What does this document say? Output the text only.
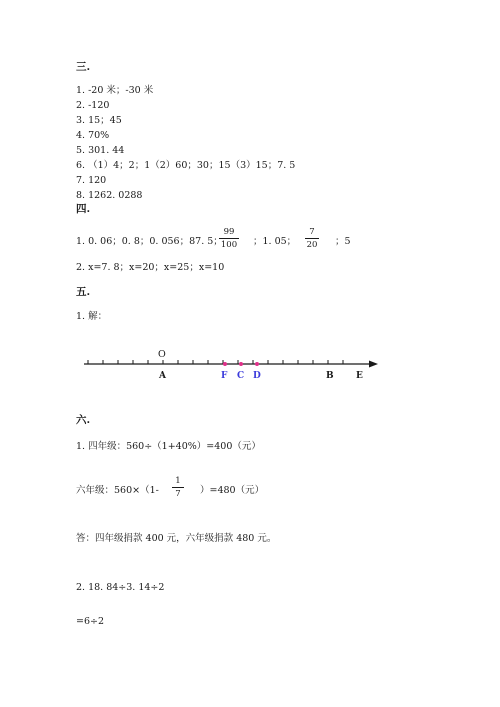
三.
1. -20 米；-30 米
2. -120
3. 15；45
4. 70%
5. 301. 44
6. （1）4；2；1（2）60；30；15（3）15；7. 5
7. 120
8. 1262. 0288
四.
1. 0. 06；0. 8；0. 056；87. 5；
99
100 ；1. 05；
7
20 ；5
2. x=7. 8；x=20；x=25；x=10
五.
1. 解：
O
A	F C D	B E
六.
1. 四年级：560÷（1+40%）=400（元）
六年级：560×（1-
1
7	）=480（元）
答：四年级捐款 400 元，六年级捐款 480 元。
2. 18. 84÷3. 14÷2
=6÷2
